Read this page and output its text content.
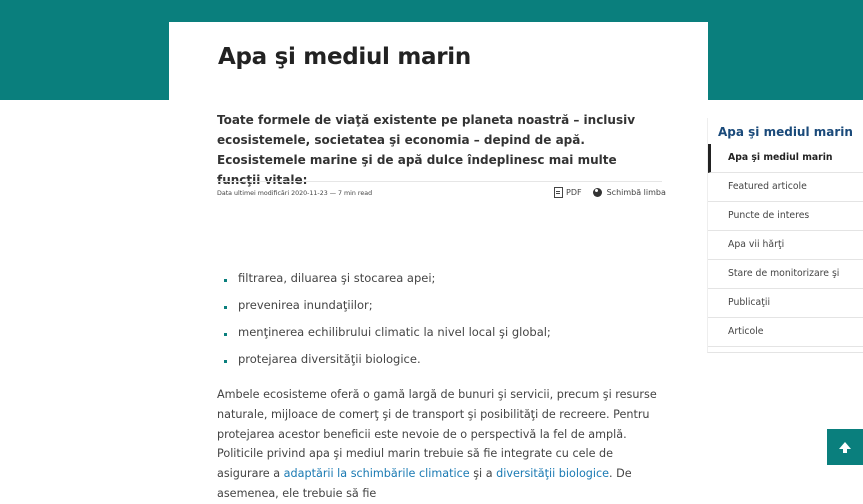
Apa şi mediul marin

Toate formele de viaţă existente pe planeta noastră – inclusiv ecosistemele, societatea şi economia – depind de apă. Ecosistemele marine şi de apă dulce îndeplinesc mai multe funcţii vitale:

Data ultimei modificări 2020-11-23 — 7 min read	PDF	Schimbă limba
filtrarea, diluarea şi stocarea apei;
prevenirea inundaţiilor;
menţinerea echilibrului climatic la nivel local şi global;
protejarea diversităţii biologice.

Ambele ecosisteme oferă o gamă largă de bunuri şi servicii, precum şi resurse naturale, mijloace de comerţ şi de transport şi posibilităţi de recreere. Pentru protejarea acestor beneficii este nevoie de o perspectivă la fel de amplă. Politicile privind apa şi mediul marin trebuie să fie integrate cu cele de asigurare a adaptării la schimbările climatice şi a diversităţii biologice. De asemenea, ele trebuie să fie

Apa şi mediul marin
Apa şi mediul marin
Featured articole
Puncte de interes
Apa vii hărţi
Stare de monitorizare şi
Publicaţii
Articole
